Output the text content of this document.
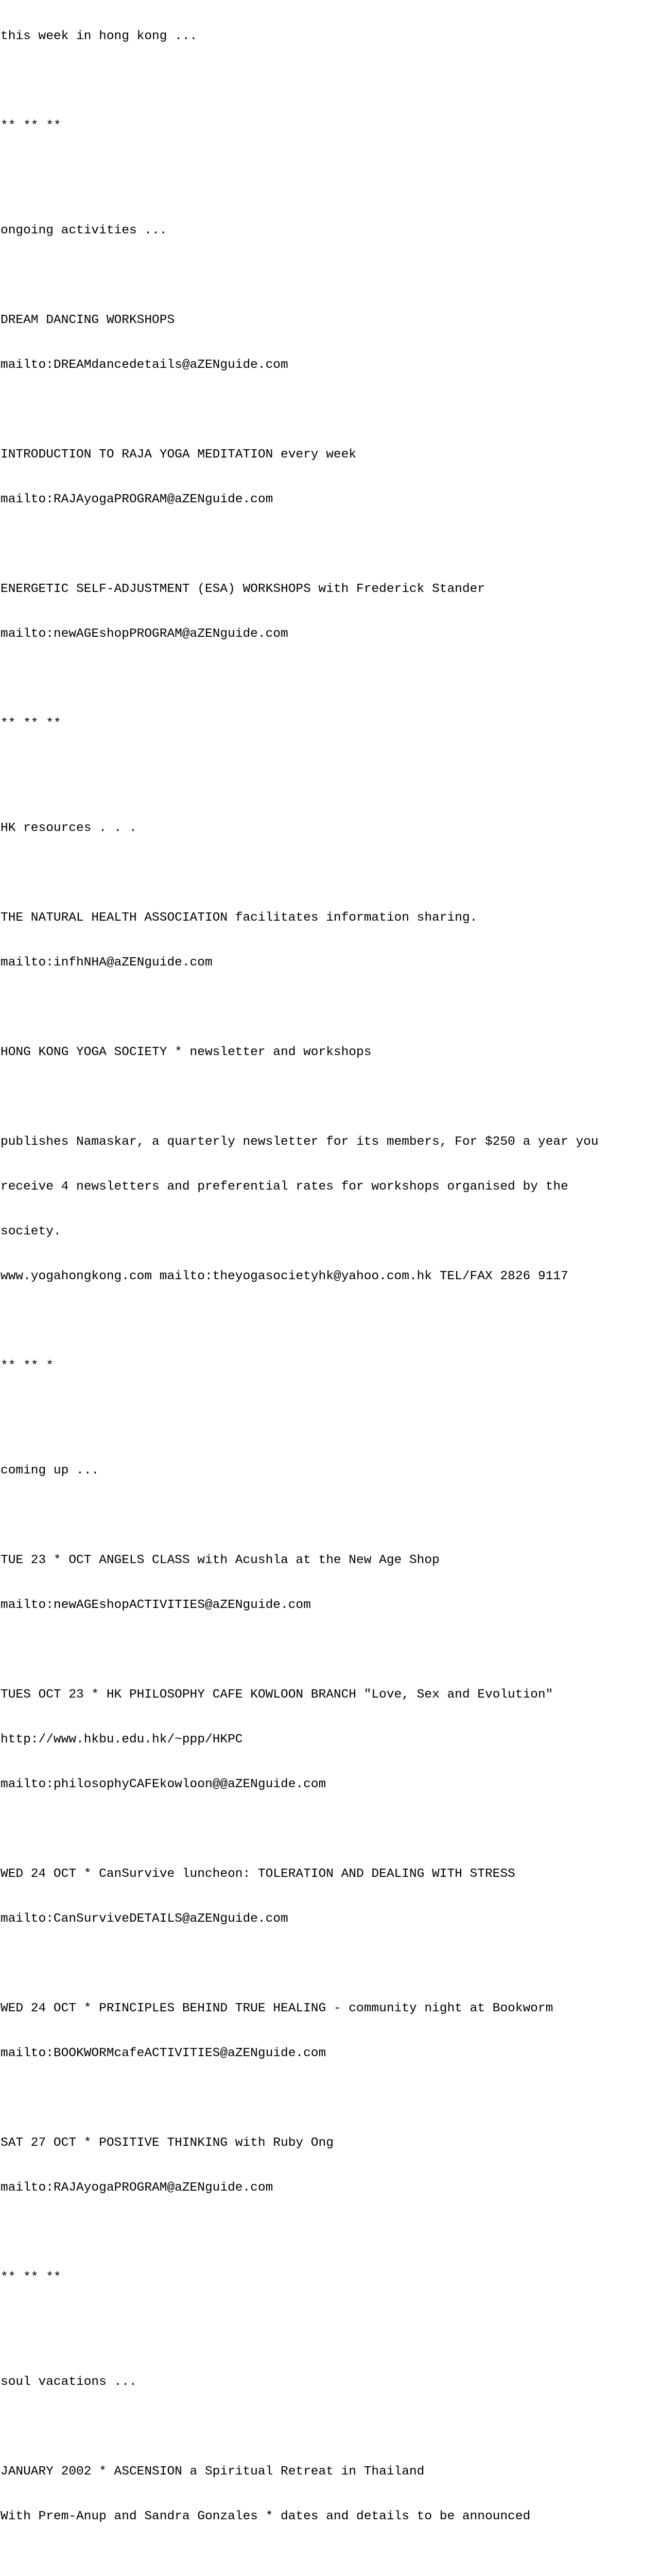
this week in hong kong ...

** ** **

ongoing activities ...

DREAM DANCING WORKSHOPS

mailto:DREAMdancedetails@aZENguide.com

INTRODUCTION TO RAJA YOGA MEDITATION every week

mailto:RAJAyogaPROGRAM@aZENguide.com

ENERGETIC SELF-ADJUSTMENT (ESA) WORKSHOPS with Frederick Stander

mailto:newAGEshopPROGRAM@aZENguide.com

** ** **

HK resources . . .

THE NATURAL HEALTH ASSOCIATION facilitates information sharing.

mailto:infhNHA@aZENguide.com

HONG KONG YOGA SOCIETY * newsletter and workshops

publishes Namaskar, a quarterly newsletter for its members, For $250 a year you

receive 4 newsletters and preferential rates for workshops organised by the

society.

www.yogahongkong.com mailto:theyogasocietyhk@yahoo.com.hk TEL/FAX 2826 9117

** ** *

coming up ...

TUE 23 * OCT ANGELS CLASS with Acushla at the New Age Shop

mailto:newAGEshopACTIVITIES@aZENguide.com

TUES OCT 23 * HK PHILOSOPHY CAFE KOWLOON BRANCH "Love, Sex and Evolution"

http://www.hkbu.edu.hk/~ppp/HKPC

mailto:philosophyCAFEkowloon@@aZENguide.com

WED 24 OCT * CanSurvive luncheon: TOLERATION AND DEALING WITH STRESS

mailto:CanSurviveDETAILS@aZENguide.com

WED 24 OCT * PRINCIPLES BEHIND TRUE HEALING - community night at Bookworm

mailto:BOOKWORMcafeACTIVITIES@aZENguide.com

SAT 27 OCT * POSITIVE THINKING with Ruby Ong

mailto:RAJAyogaPROGRAM@aZENguide.com

** ** **

soul vacations ...

JANUARY 2002 * ASCENSION a Spiritual Retreat in Thailand

With Prem-Anup and Sandra Gonzales * dates and details to be announced
